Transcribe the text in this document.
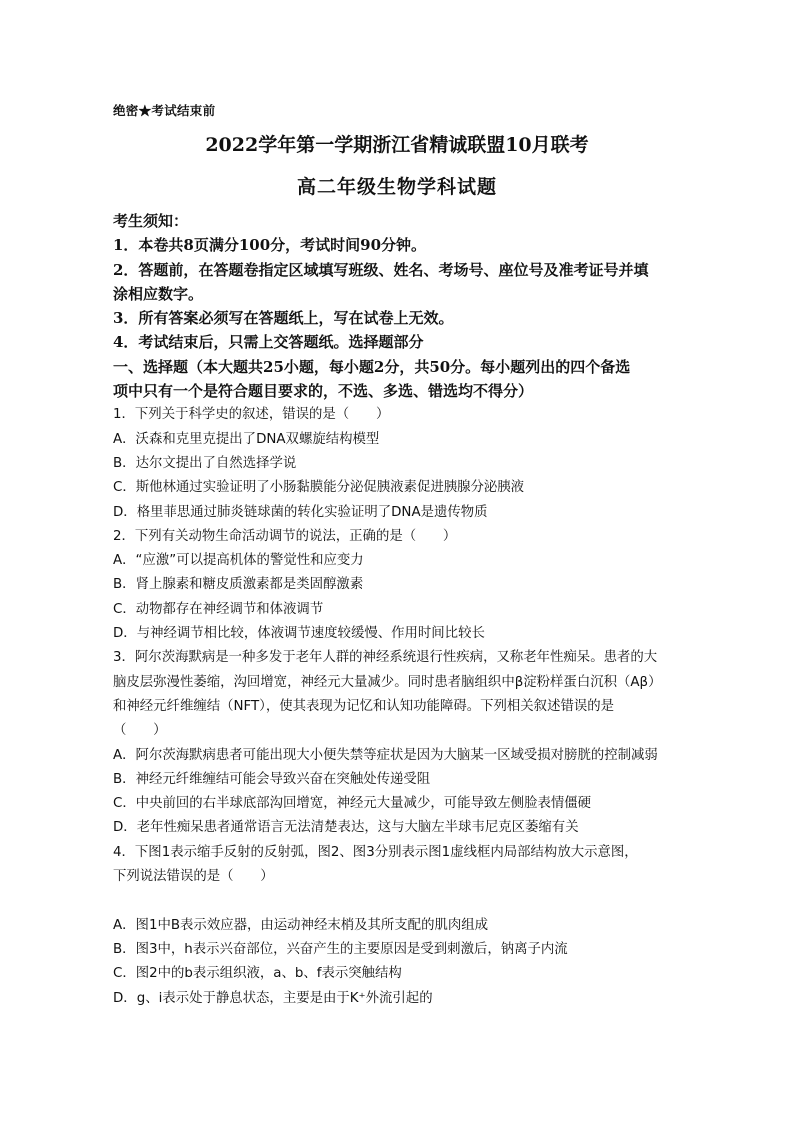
绝密★考试结束前
2022学年第一学期浙江省精诚联盟10月联考
高二年级生物学科试题
考生须知：
1．本卷共8页满分100分，考试时间90分钟。
2．答题前，在答题卷指定区域填写班级、姓名、考场号、座位号及准考证号并填
涂相应数字。
3．所有答案必须写在答题纸上，写在试卷上无效。
4．考试结束后，只需上交答题纸。选择题部分
一、选择题（本大题共25小题，每小题2分，共50分。每小题列出的四个备选
项中只有一个是符合题目要求的，不选、多选、错选均不得分）
1．下列关于科学史的叙述，错误的是（　　）
A．沃森和克里克提出了DNA双螺旋结构模型
B．达尔文提出了自然选择学说
C．斯他林通过实验证明了小肠黏膜能分泌促胰液素促进胰腺分泌胰液
D．格里菲思通过肺炎链球菌的转化实验证明了DNA是遗传物质
2．下列有关动物生命活动调节的说法，正确的是（　　）
A．“应激”可以提高机体的警觉性和应变力
B．肾上腺素和糖皮质激素都是类固醇激素
C．动物都存在神经调节和体液调节
D．与神经调节相比较，体液调节速度较缓慢、作用时间比较长
3．阿尔茨海默病是一种多发于老年人群的神经系统退行性疾病，又称老年性痴呆。患者的大
脑皮层弥漫性萎缩，沟回增宽，神经元大量减少。同时患者脑组织中β淀粉样蛋白沉积（Aβ）
和神经元纤维缠结（NFT），使其表现为记忆和认知功能障碍。下列相关叙述错误的是
（　　）
A．阿尔茨海默病患者可能出现大小便失禁等症状是因为大脑某一区域受损对膀胱的控制减弱
B．神经元纤维缠结可能会导致兴奋在突触处传递受阻
C．中央前回的右半球底部沟回增宽，神经元大量减少，可能导致左侧脸表情僵硬
D．老年性痴呆患者通常语言无法清楚表达，这与大脑左半球韦尼克区萎缩有关
4．下图1表示缩手反射的反射弧，图2、图3分别表示图1虚线框内局部结构放大示意图，
下列说法错误的是（　　）
A．图1中B表示效应器，由运动神经末梢及其所支配的肌肉组成
B．图3中，h表示兴奋部位，兴奋产生的主要原因是受到刺激后，钠离子内流
C．图2中的b表示组织液，a、b、f表示突触结构
D．g、i表示处于静息状态，主要是由于K⁺外流引起的
